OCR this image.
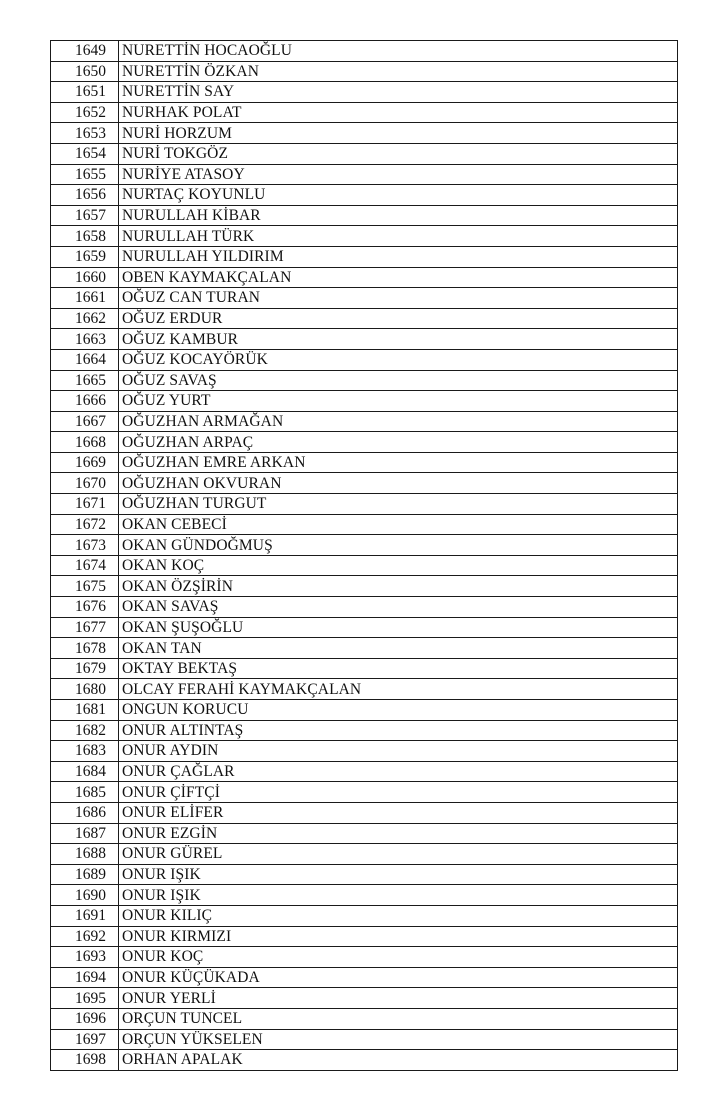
1649	NURETTİN HOCAOĞLU
1650	NURETTİN ÖZKAN
1651	NURETTİN SAY
1652	NURHAK POLAT
1653	NURİ HORZUM
1654	NURİ TOKGÖZ
1655	NURİYE ATASOY
1656	NURTAÇ KOYUNLU
1657	NURULLAH KİBAR
1658	NURULLAH TÜRK
1659	NURULLAH YILDIRIM
1660	OBEN KAYMAKÇALAN
1661	OĞUZ CAN TURAN
1662	OĞUZ ERDUR
1663	OĞUZ KAMBUR
1664	OĞUZ KOCAYÖRÜK
1665	OĞUZ SAVAŞ
1666	OĞUZ YURT
1667	OĞUZHAN ARMAĞAN
1668	OĞUZHAN ARPAÇ
1669	OĞUZHAN EMRE ARKAN
1670	OĞUZHAN OKVURAN
1671	OĞUZHAN TURGUT
1672	OKAN CEBECİ
1673	OKAN GÜNDOĞMUŞ
1674	OKAN KOÇ
1675	OKAN ÖZŞİRİN
1676	OKAN SAVAŞ
1677	OKAN ŞUŞOĞLU
1678	OKAN TAN
1679	OKTAY BEKTAŞ
1680	OLCAY FERAHİ KAYMAKÇALAN
1681	ONGUN KORUCU
1682	ONUR ALTINTAŞ
1683	ONUR AYDIN
1684	ONUR ÇAĞLAR
1685	ONUR ÇİFTÇİ
1686	ONUR ELİFER
1687	ONUR EZGİN
1688	ONUR GÜREL
1689	ONUR IŞIK
1690	ONUR IŞIK
1691	ONUR KILIÇ
1692	ONUR KIRMIZI
1693	ONUR KOÇ
1694	ONUR KÜÇÜKADA
1695	ONUR YERLİ
1696	ORÇUN TUNCEL
1697	ORÇUN YÜKSELEN
1698	ORHAN APALAK
